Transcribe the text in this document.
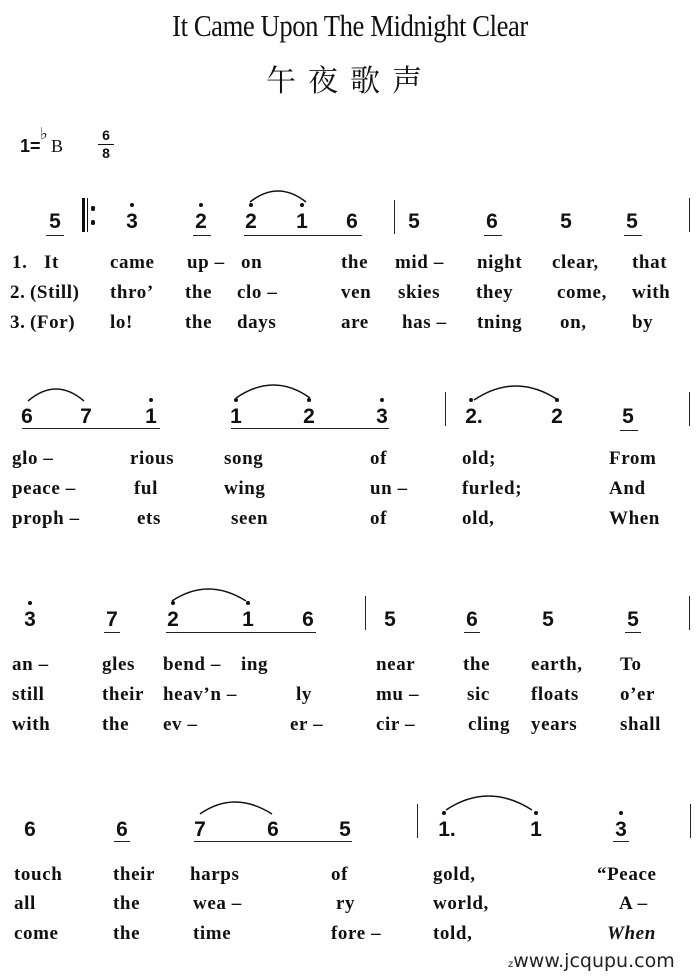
It Came Upon The Midnight Clear
午夜歌声
1=
♭
B
6
8
5	3	2 2 1 6 5	6	5	5
1. It	came up – on	the mid – night clear, that
2. (Still) thro’ the clo –	ven skies they come, with
3. (For) lo!	the days	are has – tning on, by
6 7	1	1	2	3	2.	2	5
glo –	rious	song	of	old;	From
peace –	ful	wing	un –	furled;	And
proph –	ets	seen	of	old,	When
3	7 2	1 6	5	6	5	5
an –	gles bend – ing	near	the earth, To
still	their heav’n –	ly	mu –	sic floats o’er
with	the ev –	er –	cir –	cling years shall
6	6	7	6	5	1.	1	3
touch	their harps	of	gold,	“Peace
all	the	wea –	ry	world,	A –
come	the	time	fore –	told,	When
zwww.jcqupu.com
